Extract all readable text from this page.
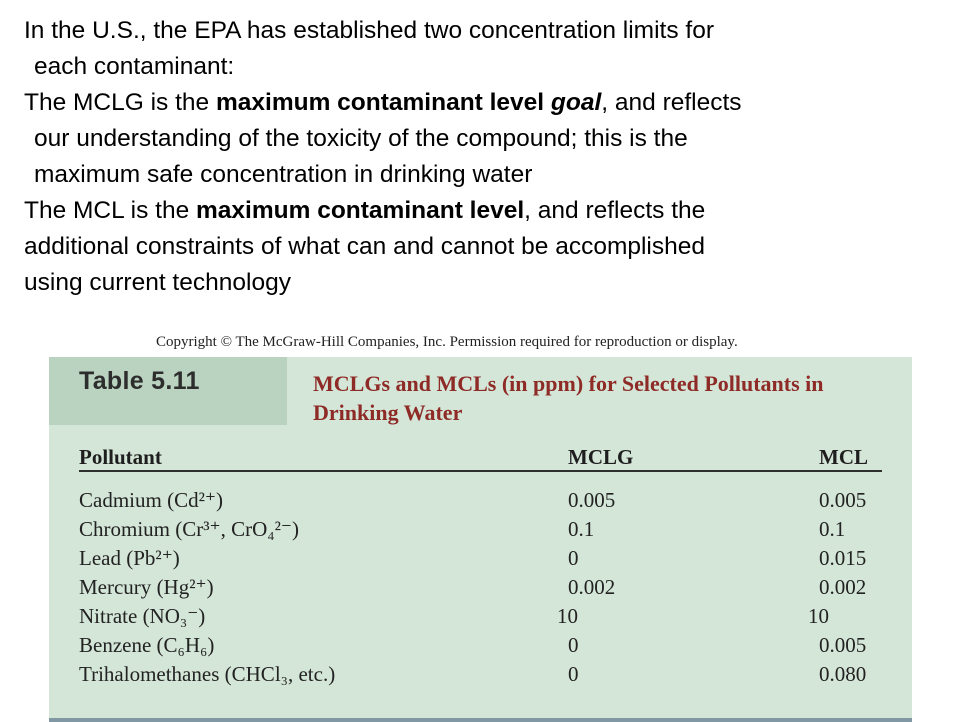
In the U.S., the EPA has established two concentration limits for

each contaminant:

The MCLG is the maximum contaminant level goal, and reflects

our understanding of the toxicity of the compound; this is the

maximum safe concentration in drinking water

The MCL is the maximum contaminant level, and reflects the

additional constraints of what can and cannot be accomplished

using current technology

Copyright © The McGraw-Hill Companies, Inc. Permission required for reproduction or display.
Table 5.11	MCLGs and MCLs (in ppm) for Selected Pollutants in Drinking Water
Pollutant	MCLG	MCL
Cadmium (Cd²⁺)	0.005	0.005
Chromium (Cr³⁺, CrO₄²⁻)	0.1	0.1
Lead (Pb²⁺)	0	0.015
Mercury (Hg²⁺)	0.002	0.002
Nitrate (NO₃⁻)	10	10
Benzene (C₆H₆)	0	0.005
Trihalomethanes (CHCl₃, etc.)	0	0.080
